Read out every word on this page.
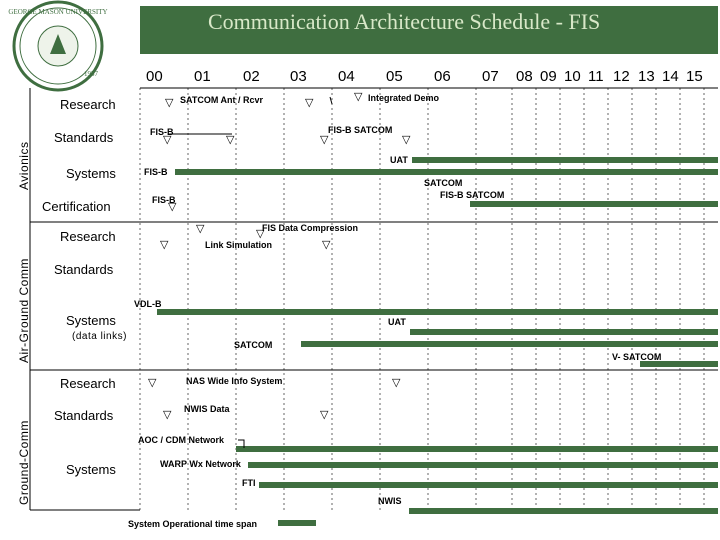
Communication Architecture Schedule - FIS
GEORGE MASON UNIVERSITY
1957	00 01 02 03 04 05 06 07 08 09 10 11 12 13 14 15
Avionics
Air-Ground Comm
Ground-Comm
Research
Standards
Systems
Certification
Research
Standards
Systems
(data links)
Research
Standards
Systems
▽	▽	▽
▽	▽	▽	▽
▽
▽	▽
▽	▽
▽	▽
▽	▽
SATCOM Ant / Rcvr	Integrated Demo
FIS-B	FIS-B SATCOM
UAT
FIS-B
SATCOM
FIS-B SATCOM
FIS-B
FIS Data Compression
Link Simulation
VDL-B
UAT
SATCOM
V- SATCOM
NAS Wide Info System
NWIS Data
AOC / CDM Network
WARP Wx Network
FTI
NWIS
System Operational time span
